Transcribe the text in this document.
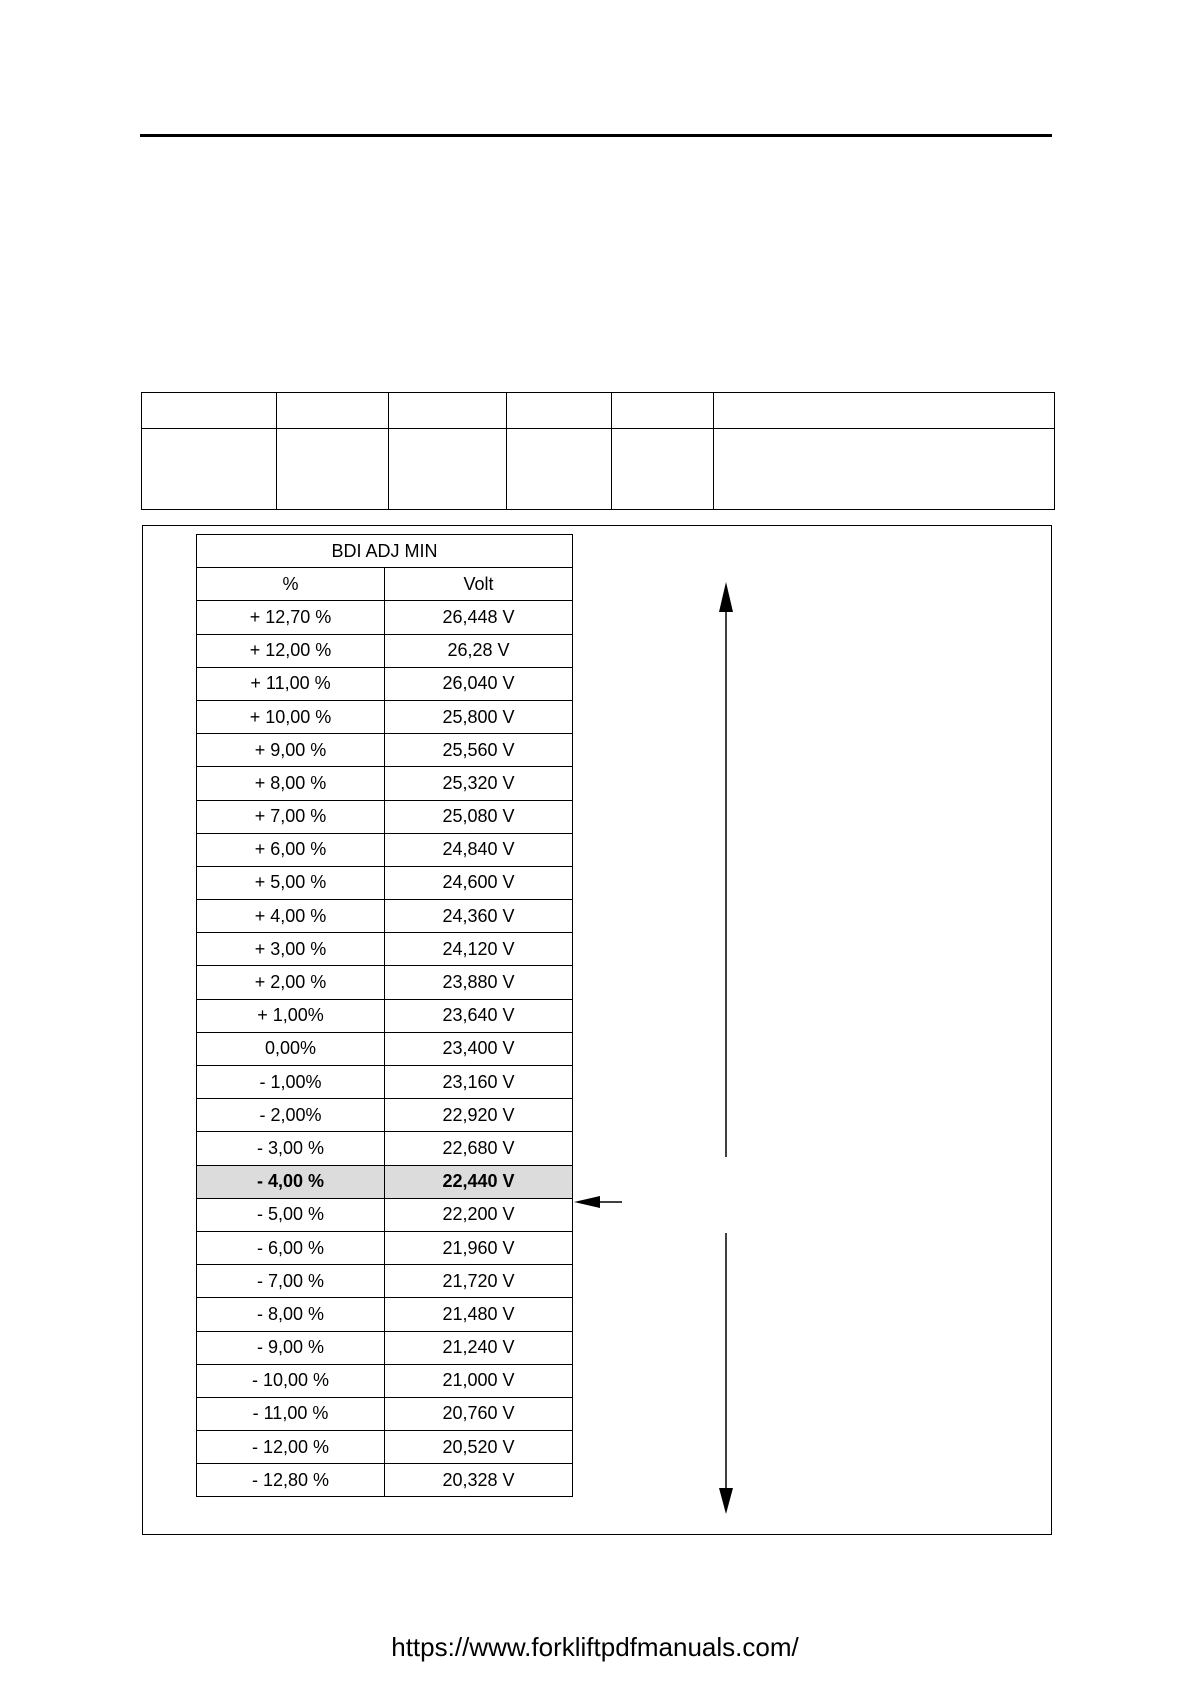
BDI ADJ MIN	
%	Volt
+ 12,70 %	26,448 V
+ 12,00 %	26,28 V
+ 11,00 %	26,040 V
+ 10,00 %	25,800 V
+ 9,00 %	25,560 V
+ 8,00 %	25,320 V
+ 7,00 %	25,080 V
+ 6,00 %	24,840 V
+ 5,00 %	24,600 V
+ 4,00 %	24,360 V
+ 3,00 %	24,120 V
+ 2,00 %	23,880 V
+ 1,00%	23,640 V
0,00%	23,400 V
- 1,00%	23,160 V
- 2,00%	22,920 V
- 3,00 %	22,680 V
- 4,00 %	22,440 V
- 5,00 %	22,200 V
- 6,00 %	21,960 V
- 7,00 %	21,720 V
- 8,00 %	21,480 V
- 9,00 %	21,240 V
- 10,00 %	21,000 V
- 11,00 %	20,760 V
- 12,00 %	20,520 V
- 12,80 %	20,328 V
https://www.forkliftpdfmanuals.com/
